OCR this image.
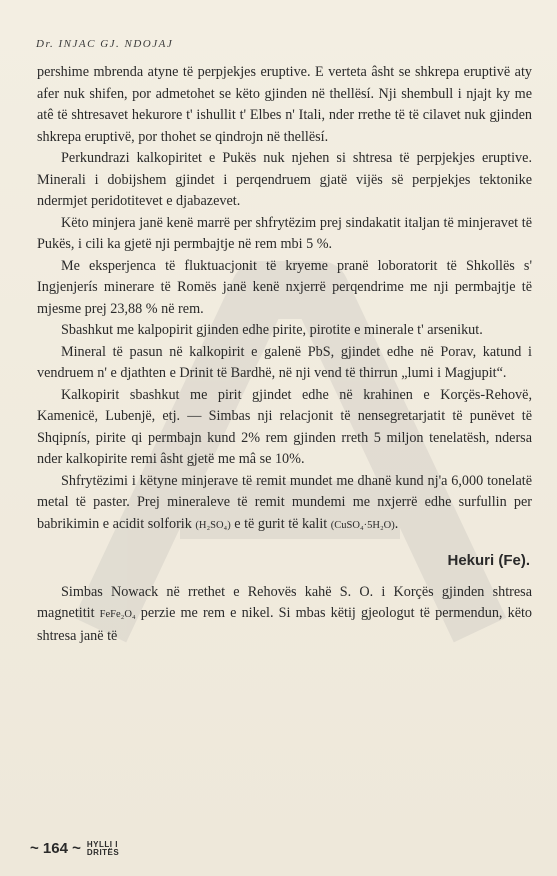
Dr. INJAC GJ. NDOJAJ

pershime mbrenda atyne të perpjekjes eruptive. E verteta âsht se shkrepa eruptivë aty afer nuk shifen, por admetohet se këto gjinden në thellësí. Nji shembull i njajt ky me atê të shtresavet hekurore t' ishullit t' Elbes n' Itali, nder rrethe të të cilavet nuk gjinden shkrepa eruptivë, por thohet se qindrojn në thellësí.

Perkundrazi kalkopiritet e Pukës nuk njehen si shtresa të perpjekjes eruptive. Minerali i dobijshem gjindet i perqendruem gjatë vijës së perpjekjes tektonike ndermjet peridotitevet e djabazevet.

Këto minjera janë kenë marrë per shfrytëzim prej sindakatit italjan të minjeravet të Pukës, i cili ka gjetë nji permbajtje në rem mbi 5 %.

Me eksperjenca të fluktuacjonit të kryeme pranë loboratorit të Shkollës s' Ingjenjerís minerare të Romës janë kenë nxjerrë perqendrime me nji permbajtje të mjesme prej 23,88 % në rem.

Sbashkut me kalpopirit gjinden edhe pirite, pirotite e minerale t' arsenikut.

Mineral të pasun në kalkopirit e galenë PbS, gjindet edhe në Porav, katund i vendruem n' e djathten e Drinit të Bardhë, në nji vend të thirrun „lumi i Magjupit“.

Kalkopirit sbashkut me pirit gjindet edhe në krahinen e Korçës-Rehovë, Kamenicë, Lubenjë, etj. — Simbas nji relacjonit të nensegretarjatit të punëvet të Shqipnís, pirite qi permbajn kund 2% rem gjinden rreth 5 miljon tenelatësh, ndersa nder kalkopirite remi âsht gjetë me mâ se 10%.

Shfrytëzimi i këtyne minjerave të remit mundet me dhanë kund nj'a 6,000 tonelatë metal të paster. Prej mineraleve të remit mundemi me nxjerrë edhe surfullin per babrikimin e acidit solforik (H₂SO₄) e të gurit të kalit (CuSO₄·5H₂O).

Hekuri (Fe).

Simbas Nowack në rrethet e Rehovës kahë S. O. i Korçës gjinden shtresa magnetitit FeFe₂O₄ perzie me rem e nikel. Si mbas këtij gjeologut të permendun, këto shtresa janë të

~ 164 ~ HYLLI I
DRITËS
